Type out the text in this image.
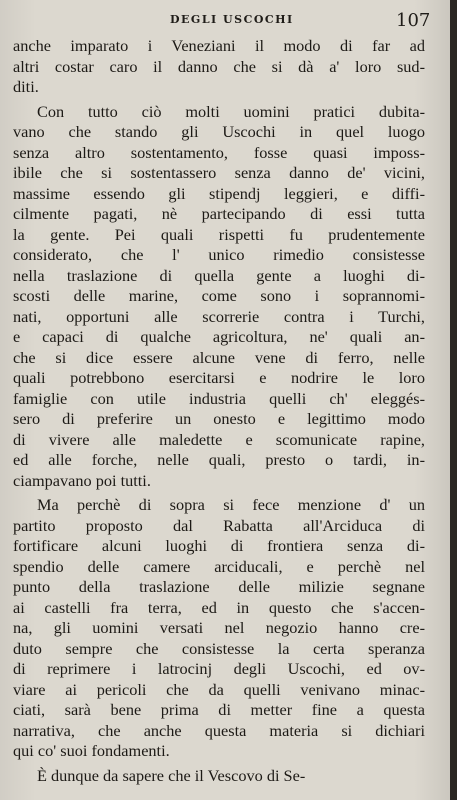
DEGLI USCOCHI	107
anche imparato i Veneziani il modo di far ad
altri costar caro il danno che si dà a' loro sud-
diti.
Con tutto ciò molti uomini pratici dubita-
vano che stando gli Uscochi in quel luogo
senza altro sostentamento, fosse quasi imposs-
ibile che si sostentassero senza danno de' vicini,
massime essendo gli stipendj leggieri, e diffi-
cilmente pagati, nè partecipando di essi tutta
la gente. Pei quali rispetti fu prudentemente
considerato, che l' unico rimedio consistesse
nella traslazione di quella gente a luoghi di-
scosti delle marine, come sono i soprannomi-
nati, opportuni alle scorrerie contra i Turchi,
e capaci di qualche agricoltura, ne' quali an-
che si dice essere alcune vene di ferro, nelle
quali potrebbono esercitarsi e nodrire le loro
famiglie con utile industria quelli ch' eleggés-
sero di preferire un onesto e legittimo modo
di vivere alle maledette e scomunicate rapine,
ed alle forche, nelle quali, presto o tardi, in-
ciampavano poi tutti.
Ma perchè di sopra si fece menzione d' un
partito proposto dal Rabatta all'Arciduca di
fortificare alcuni luoghi di frontiera senza di-
spendio delle camere arciducali, e perchè nel
punto della traslazione delle milizie segnane
ai castelli fra terra, ed in questo che s'accen-
na, gli uomini versati nel negozio hanno cre-
duto sempre che consistesse la certa speranza
di reprimere i latrocinj degli Uscochi, ed ov-
viare ai pericoli che da quelli venivano minac-
ciati, sarà bene prima di metter fine a questa
narrativa, che anche questa materia si dichiari
qui co' suoi fondamenti.
È dunque da sapere che il Vescovo di Se-
